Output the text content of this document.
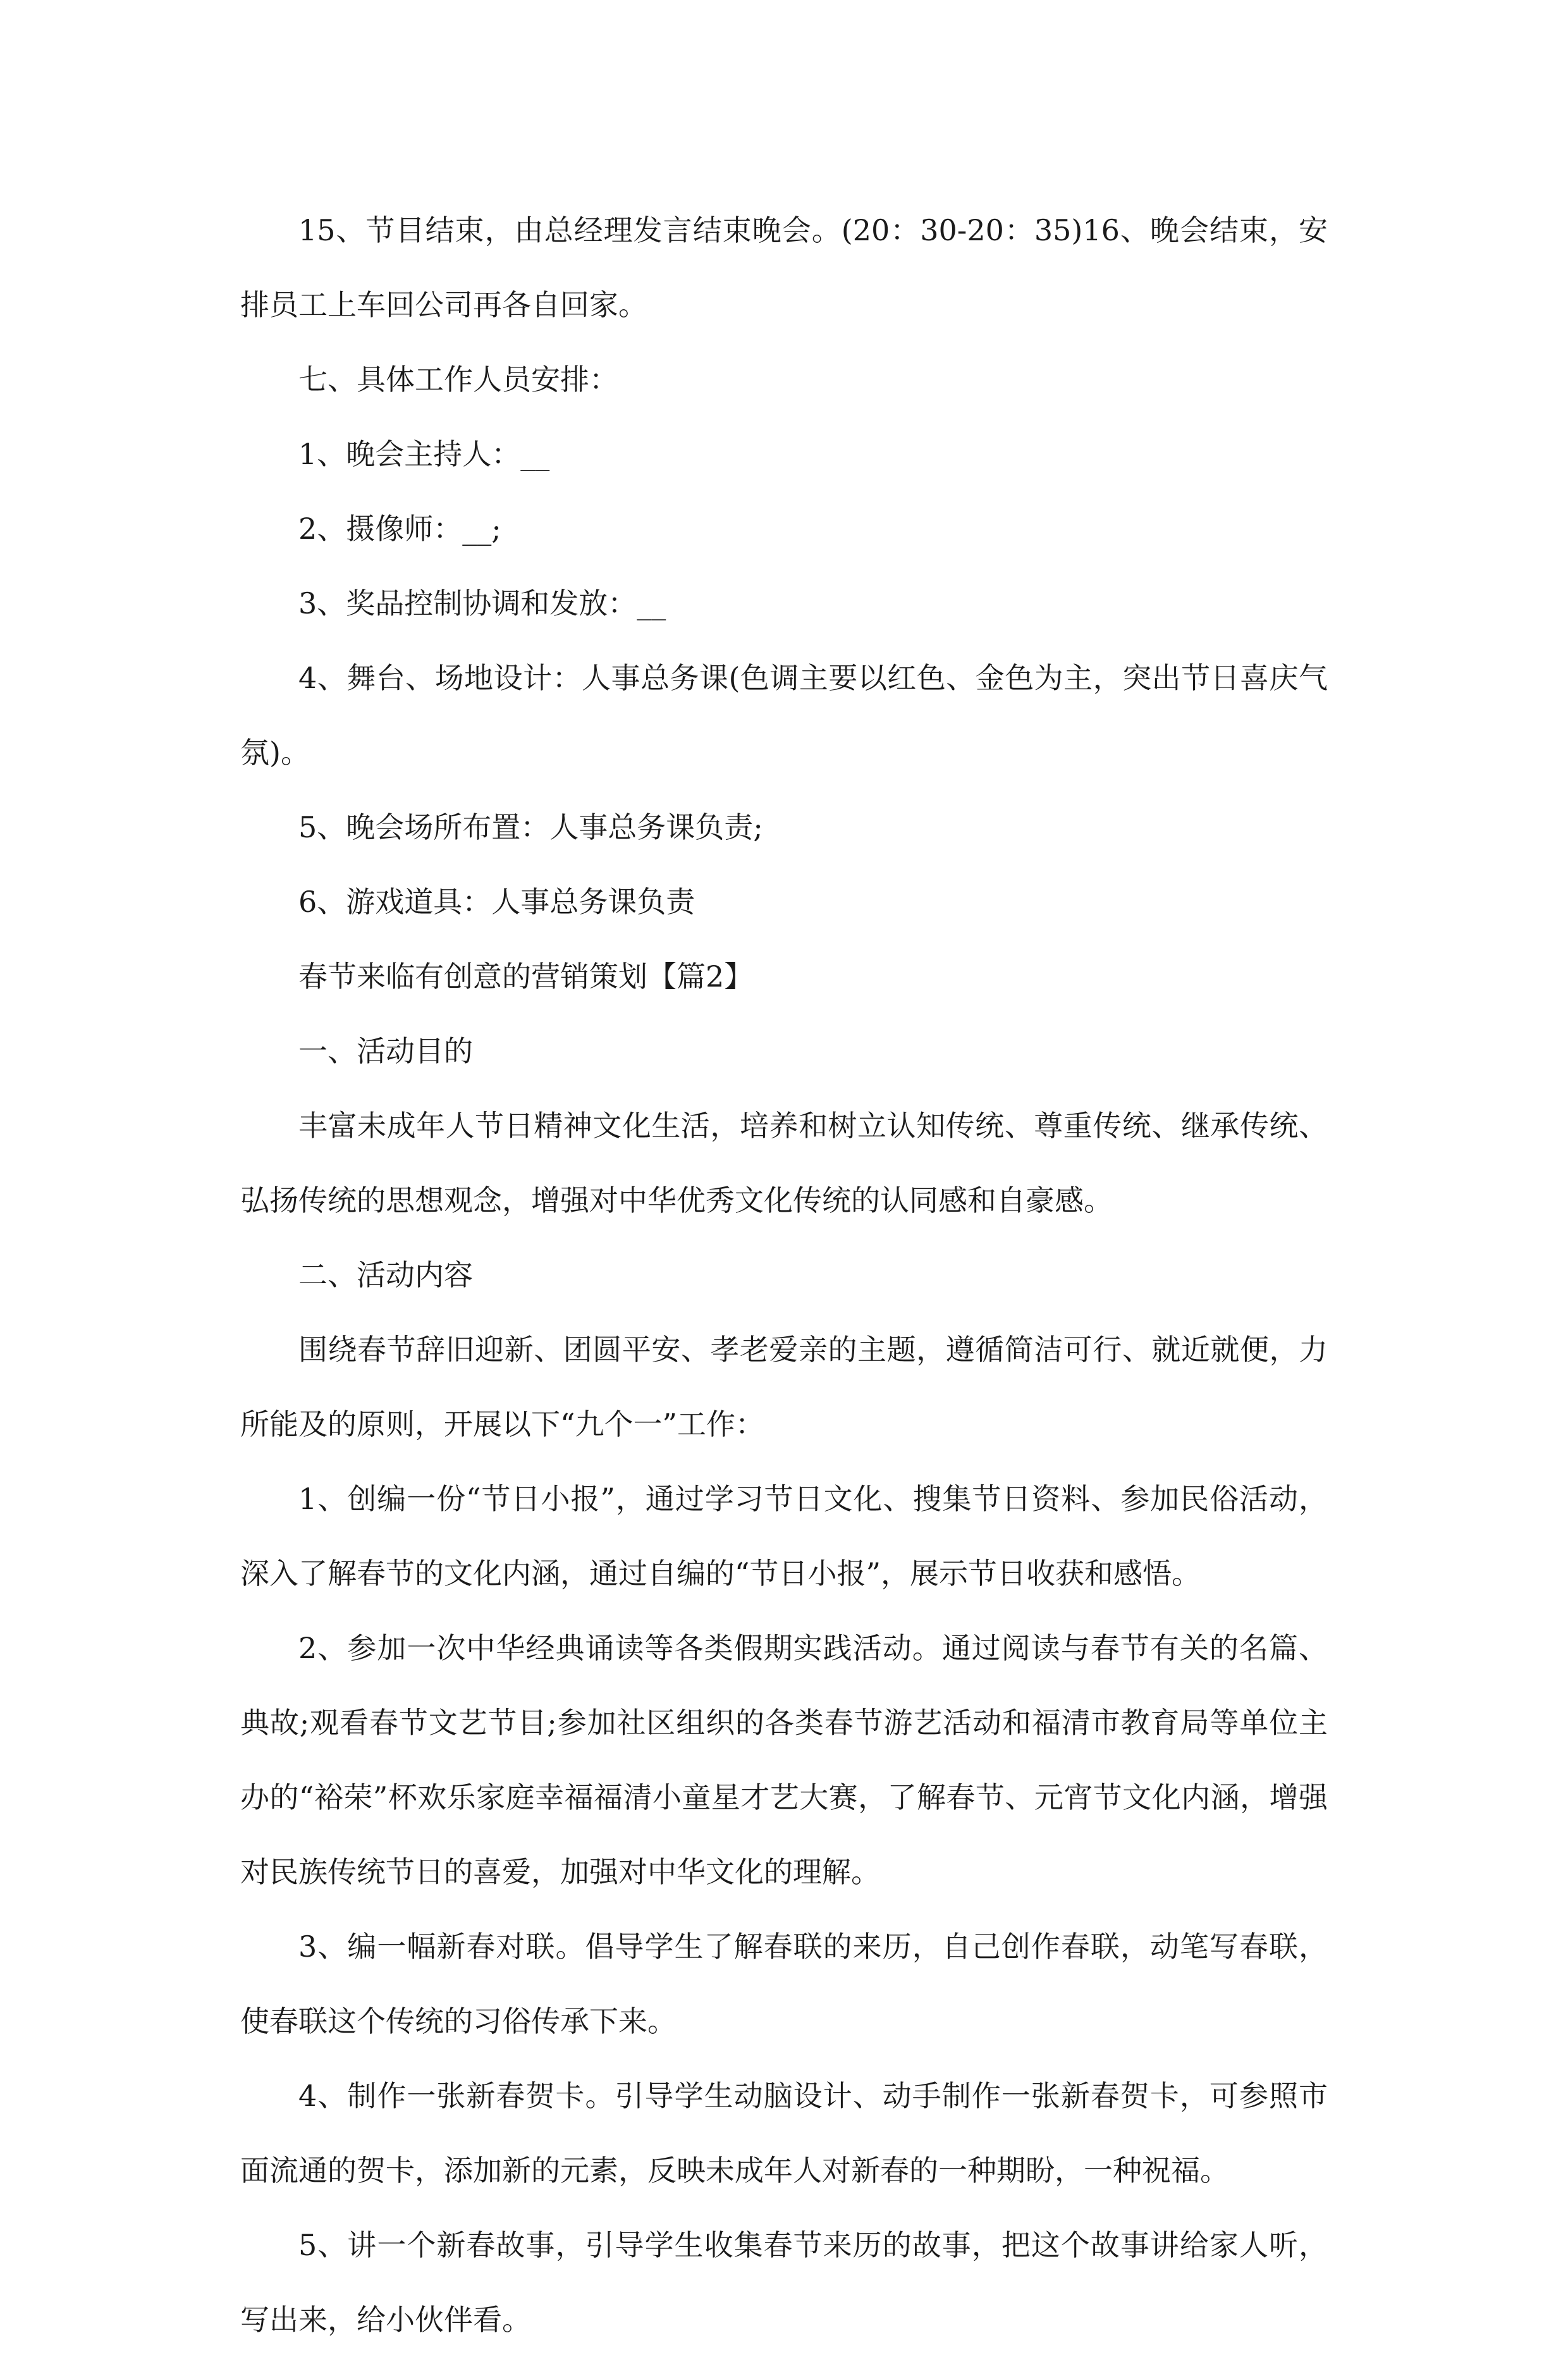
15、节目结束，由总经理发言结束晚会。(20：30-20：35)16、晚会结束，安排员工上车回公司再各自回家。

七、具体工作人员安排：

1、晚会主持人：__

2、摄像师：__;

3、奖品控制协调和发放：__

4、舞台、场地设计：人事总务课(色调主要以红色、金色为主，突出节日喜庆气氛)。

5、晚会场所布置：人事总务课负责;

6、游戏道具：人事总务课负责

春节来临有创意的营销策划【篇2】

一、活动目的

丰富未成年人节日精神文化生活，培养和树立认知传统、尊重传统、继承传统、弘扬传统的思想观念，增强对中华优秀文化传统的认同感和自豪感。

二、活动内容

围绕春节辞旧迎新、团圆平安、孝老爱亲的主题，遵循简洁可行、就近就便，力所能及的原则，开展以下“九个一”工作：

1、创编一份“节日小报”，通过学习节日文化、搜集节日资料、参加民俗活动，深入了解春节的文化内涵，通过自编的“节日小报”，展示节日收获和感悟。

2、参加一次中华经典诵读等各类假期实践活动。通过阅读与春节有关的名篇、典故;观看春节文艺节目;参加社区组织的各类春节游艺活动和福清市教育局等单位主办的“裕荣”杯欢乐家庭幸福福清小童星才艺大赛，了解春节、元宵节文化内涵，增强对民族传统节日的喜爱，加强对中华文化的理解。

3、编一幅新春对联。倡导学生了解春联的来历，自己创作春联，动笔写春联，使春联这个传统的习俗传承下来。

4、制作一张新春贺卡。引导学生动脑设计、动手制作一张新春贺卡，可参照市面流通的贺卡，添加新的元素，反映未成年人对新春的一种期盼，一种祝福。

5、讲一个新春故事，引导学生收集春节来历的故事，把这个故事讲给家人听，写出来，给小伙伴看。
